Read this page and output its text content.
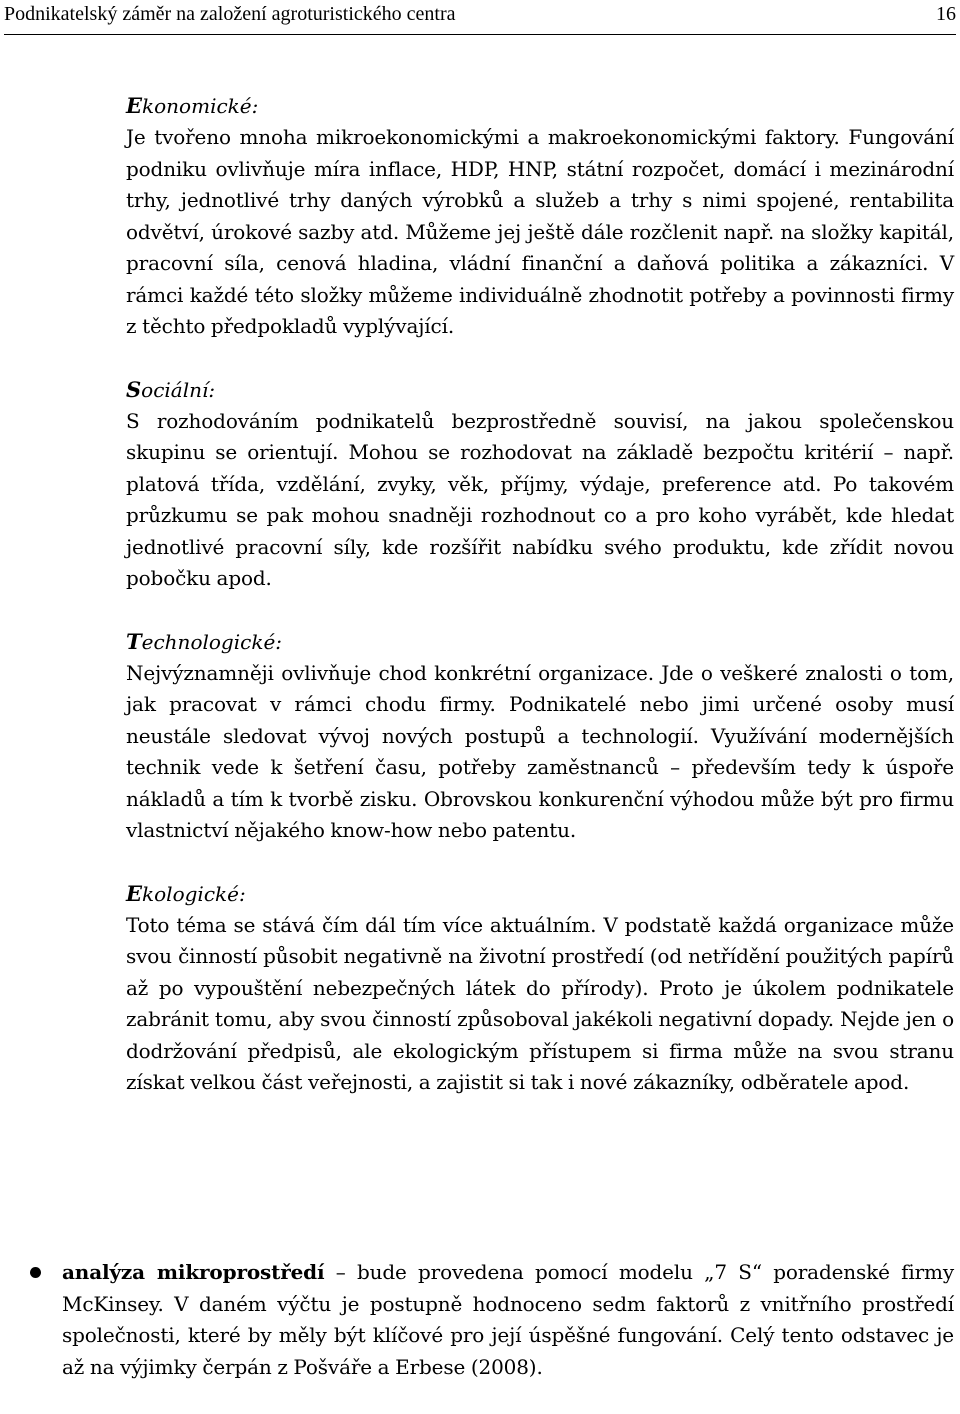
Podnikatelský záměr na založení agroturistického centra	16

Ekonomické:

Je tvořeno mnoha mikroekonomickými a makroekonomickými faktory. Fungování podniku ovlivňuje míra inflace, HDP, HNP, státní rozpočet, domácí i mezinárodní trhy, jednotlivé trhy daných výrobků a služeb a trhy s nimi spojené, rentabilita odvětví, úrokové sazby atd. Můžeme jej ještě dále rozčlenit např. na složky kapitál, pracovní síla, cenová hladina, vládní finanční a daňová politika a zákazníci. V rámci každé této složky můžeme individuálně zhodnotit potřeby a povinnosti firmy z těchto předpokladů vyplývající.

Sociální:

S rozhodováním podnikatelů bezprostředně souvisí, na jakou společenskou skupinu se orientují. Mohou se rozhodovat na základě bezpočtu kritérií – např. platová třída, vzdělání, zvyky, věk, příjmy, výdaje, preference atd. Po takovém průzkumu se pak mohou snadněji rozhodnout co a pro koho vyrábět, kde hledat jednotlivé pracovní síly, kde rozšířit nabídku svého produktu, kde zřídit novou pobočku apod.

Technologické:

Nejvýznamněji ovlivňuje chod konkrétní organizace. Jde o veškeré znalosti o tom, jak pracovat v rámci chodu firmy. Podnikatelé nebo jimi určené osoby musí neustále sledovat vývoj nových postupů a technologií. Využívání modernějších technik vede k šetření času, potřeby zaměstnanců – především tedy k úspoře nákladů a tím k tvorbě zisku. Obrovskou konkurenční výhodou může být pro firmu vlastnictví nějakého know-how nebo patentu.

Ekologické:

Toto téma se stává čím dál tím více aktuálním. V podstatě každá organizace může svou činností působit negativně na životní prostředí (od netřídění použitých papírů až po vypouštění nebezpečných látek do přírody). Proto je úkolem podnikatele zabránit tomu, aby svou činností způsoboval jakékoli negativní dopady. Nejde jen o dodržování předpisů, ale ekologickým přístupem si firma může na svou stranu získat velkou část veřejnosti, a zajistit si tak i nové zákazníky, odběratele apod.

analýza mikroprostředí – bude provedena pomocí modelu „7 S“ poradenské firmy McKinsey. V daném výčtu je postupně hodnoceno sedm faktorů z vnitřního prostředí společnosti, které by měly být klíčové pro její úspěšné fungování. Celý tento odstavec je až na výjimky čerpán z Pošváře a Erbese (2008).
